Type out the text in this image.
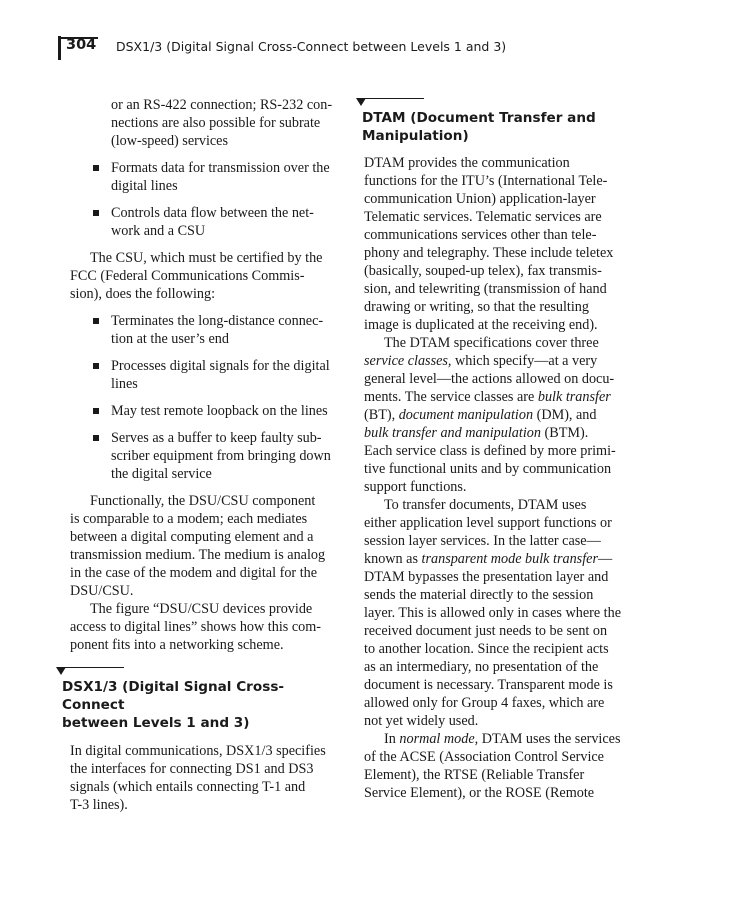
304 DSX1/3 (Digital Signal Cross-Connect between Levels 1 and 3)

or an RS-422 connection; RS-232 con-
nections are also possible for subrate
(low-speed) services

Formats data for transmission over the
digital lines
Controls data flow between the net-
work and a CSU

The CSU, which must be certified by the
FCC (Federal Communications Commis-
sion), does the following:

Terminates the long-distance connec-
tion at the user’s end
Processes digital signals for the digital
lines
May test remote loopback on the lines
Serves as a buffer to keep faulty sub-
scriber equipment from bringing down
the digital service

Functionally, the DSU/CSU component
is comparable to a modem; each mediates
between a digital computing element and a
transmission medium. The medium is analog
in the case of the modem and digital for the
DSU/CSU.

The figure “DSU/CSU devices provide
access to digital lines” shows how this com-
ponent fits into a networking scheme.

DSX1/3 (Digital Signal Cross-Connect
between Levels 1 and 3)

In digital communications, DSX1/3 specifies
the interfaces for connecting DS1 and DS3
signals (which entails connecting T-1 and
T-3 lines).

DTAM (Document Transfer and
Manipulation)

DTAM provides the communication
functions for the ITU’s (International Tele-
communication Union) application-layer
Telematic services. Telematic services are
communications services other than tele-
phony and telegraphy. These include teletex
(basically, souped-up telex), fax transmis-
sion, and telewriting (transmission of hand
drawing or writing, so that the resulting
image is duplicated at the receiving end).

The DTAM specifications cover three
service classes, which specify—at a very
general level—the actions allowed on docu-
ments. The service classes are bulk transfer
(BT), document manipulation (DM), and
bulk transfer and manipulation (BTM).
Each service class is defined by more primi-
tive functional units and by communication
support functions.

To transfer documents, DTAM uses
either application level support functions or
session layer services. In the latter case—
known as transparent mode bulk transfer—
DTAM bypasses the presentation layer and
sends the material directly to the session
layer. This is allowed only in cases where the
received document just needs to be sent on
to another location. Since the recipient acts
as an intermediary, no presentation of the
document is necessary. Transparent mode is
allowed only for Group 4 faxes, which are
not yet widely used.

In normal mode, DTAM uses the services
of the ACSE (Association Control Service
Element), the RTSE (Reliable Transfer
Service Element), or the ROSE (Remote
